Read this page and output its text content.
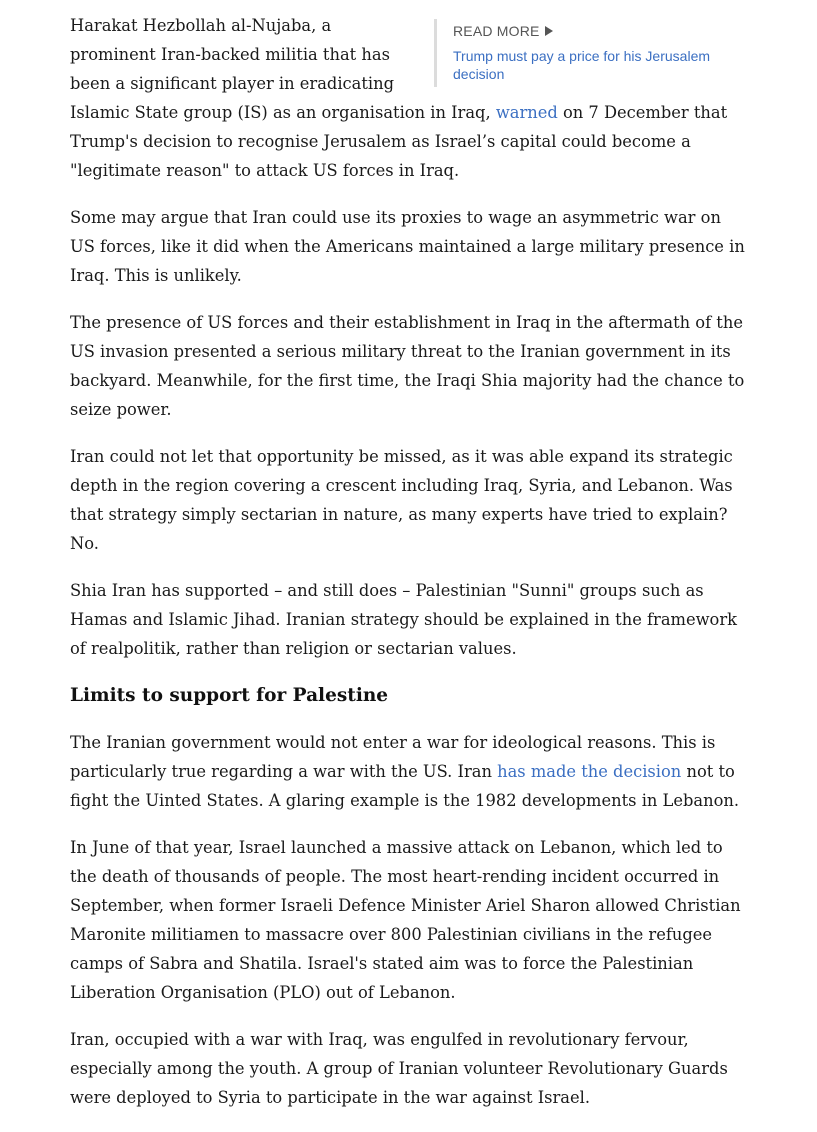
READ MORE
Trump must pay a price for his Jerusalem decision

Harakat Hezbollah al-Nujaba, a prominent Iran-backed militia that has been a significant player in eradicating Islamic State group (IS) as an organisation in Iraq, warned on 7 December that Trump's decision to recognise Jerusalem as Israel’s capital could become a "legitimate reason" to attack US forces in Iraq.

Some may argue that Iran could use its proxies to wage an asymmetric war on US forces, like it did when the Americans maintained a large military presence in Iraq. This is unlikely.

The presence of US forces and their establishment in Iraq in the aftermath of the US invasion presented a serious military threat to the Iranian government in its backyard. Meanwhile, for the first time, the Iraqi Shia majority had the chance to seize power.

Iran could not let that opportunity be missed, as it was able expand its strategic depth in the region covering a crescent including Iraq, Syria, and Lebanon. Was that strategy simply sectarian in nature, as many experts have tried to explain? No.

Shia Iran has supported – and still does – Palestinian "Sunni" groups such as Hamas and Islamic Jihad. Iranian strategy should be explained in the framework of realpolitik, rather than religion or sectarian values.

Limits to support for Palestine

The Iranian government would not enter a war for ideological reasons. This is particularly true regarding a war with the US. Iran has made the decision not to fight the Uinted States. A glaring example is the 1982 developments in Lebanon.

In June of that year, Israel launched a massive attack on Lebanon, which led to the death of thousands of people. The most heart-rending incident occurred in September, when former Israeli Defence Minister Ariel Sharon allowed Christian Maronite militiamen to massacre over 800 Palestinian civilians in the refugee camps of Sabra and Shatila. Israel's stated aim was to force the Palestinian Liberation Organisation (PLO) out of Lebanon.

Iran, occupied with a war with Iraq, was engulfed in revolutionary fervour, especially among the youth. A group of Iranian volunteer Revolutionary Guards were deployed to Syria to participate in the war against Israel.
